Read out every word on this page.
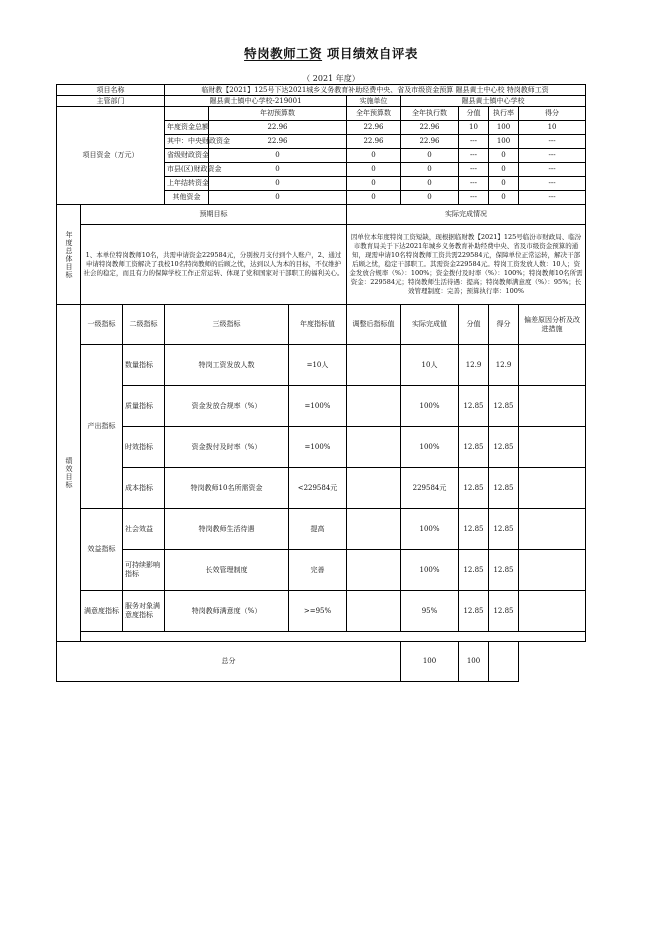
特岗教师工资 项目绩效自评表
（ 2021 年度）
项目名称			临财教【2021】125号下达2021城乡义务教育补助经费中央、省及市级资金预算 隰县黄土中心校 特岗教师工资							
主管部门			隰县黄土镇中心学校-219001			实施单位	隰县黄土镇中心学校			
项目资金（万元）				年初预算数		全年预算数	全年执行数	分值	执行率	得分
			年度资金总额	22.96		22.96	22.96	10	100	10
			其中：中央财政资金	22.96		22.96	22.96	---	100	---
			省级财政资金	0		0	0	---	0	---
			市县(区)财政资金	0		0	0	---	0	---
			上年结转资金	0		0	0	---	0	---
			其他资金	0		0	0	---	0	---
年度总体目标	预期目标					实际完成情况				
	1、本单位特岗教师10名，共需申请资金229584元，分别按月支付到个人账户，2、通过申请特岗教师工资解决了我校10名特岗教师的后顾之忧，达到以人为本的目标，不仅维护社会的稳定，而且有力的保障学校工作正常运转、体现了党和国家对干部职工的福利关心。					因单位本年度特岗工资短缺，现根据临财教【2021】125号临汾市财政局、临汾市教育局关于下达2021年城乡义务教育补助经费中央、省及市级资金预算的通知，现需申请10名特岗教师工资共需229584元，保障单位正常运转，解决干部后顾之忧，稳定干部职工。其需资金229584元。特岗工资发放人数：10人；资金发放合规率（%）：100%；资金拨付及时率（%）：100%；特岗教师10名所需资金：229584元；特岗教师生活待遇：提高；特岗教师满意度（%）：95%；长效管理制度：完善；预算执行率：100%				
绩效目标	一级指标	二级指标	三级指标		年度指标值	调整后指标值	实际完成值	分值	得分	偏差原因分析及改进措施
	产出指标	数量指标	特岗工资发放人数		=10人		10人	12.9	12.9	
		质量指标	资金发放合规率（%）		=100%		100%	12.85	12.85	
		时效指标	资金拨付及时率（%）		=100%		100%	12.85	12.85	
		成本指标	特岗教师10名所需资金		<229584元		229584元	12.85	12.85	
	效益指标	社会效益	特岗教师生活待遇		提高		100%	12.85	12.85	
		可持续影响指标	长效管理制度		完善		100%	12.85	12.85	
	满意度指标	服务对象满意度指标	特岗教师满意度（%）		>=95%		95%	12.85	12.85	

总分							100	100		
